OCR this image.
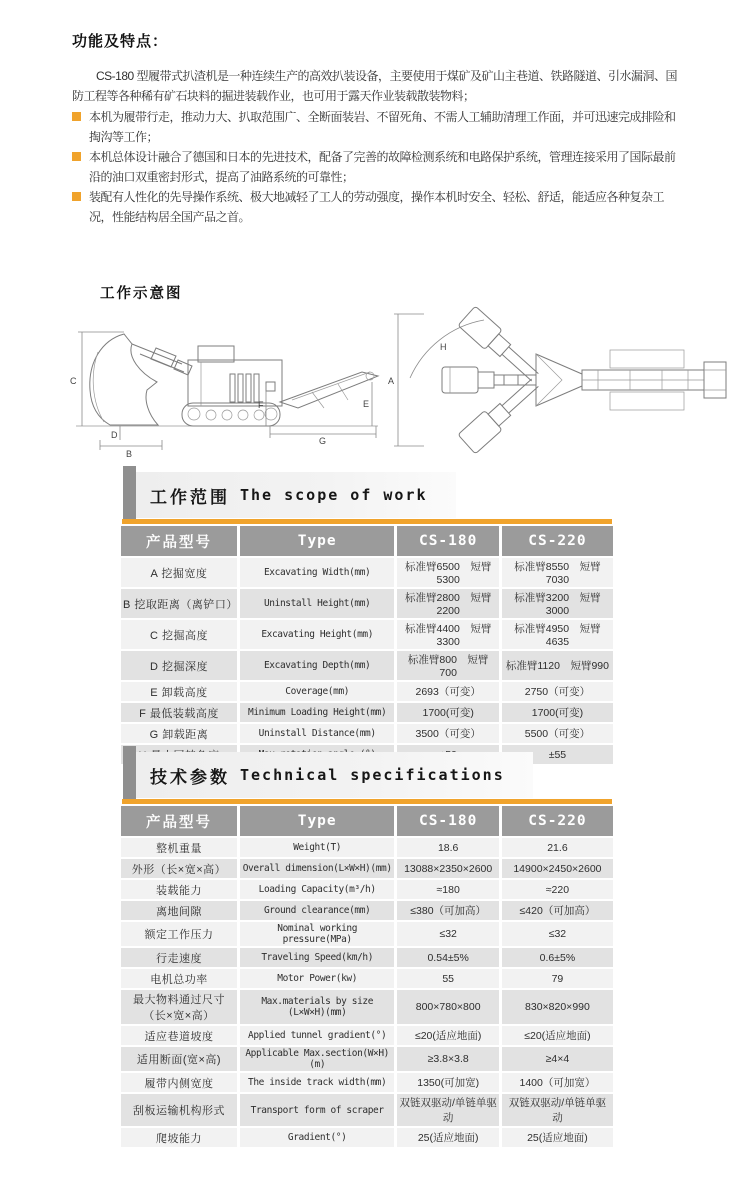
功能及特点：

CS-180 型履带式扒渣机是一种连续生产的高效扒装设备，主要使用于煤矿及矿山主巷道、铁路隧道、引水漏洞、国防工程等各种稀有矿石块料的掘进装载作业，也可用于露天作业装载散装物料；

本机为履带行走，推动力大、扒取范围广、全断面装岩、不留死角、不需人工辅助清理工作面，并可迅速完成排险和掏沟等工作；
本机总体设计融合了德国和日本的先进技术，配备了完善的故障检测系统和电路保护系统，管理连接采用了国际最前沿的油口双重密封形式，提高了油路系统的可靠性；
装配有人性化的先导操作系统、极大地减轻了工人的劳动强度，操作本机时安全、轻松、舒适，能适应各种复杂工况，性能结构居全国产品之首。
工作示意图
C
F	E
G
D
B
A
H
工作范围 The scope of work
产品型号	Type	CS-180	CS-220
A 挖掘宽度	Excavating Width(mm)	标准臂6500　短臂5300	标准臂8550　短臂7030
B 挖取距离（离铲口）	Uninstall Height(mm)	标准臂2800　短臂2200	标准臂3200　短臂3000
C 挖掘高度	Excavating Height(mm)	标准臂4400　短臂3300	标准臂4950　短臂4635
D 挖掘深度	Excavating Depth(mm)	标准臂800　短臂700	标准臂1120　短臂990
E 卸载高度	Coverage(mm)	2693（可变）	2750（可变）
F 最低装载高度	Minimum Loading Height(mm)	1700(可变)	1700(可变)
G 卸载距离	Uninstall Distance(mm)	3500（可变）	5500（可变）
			±55
技术参数 Technical specifications
产品型号	Type	CS-180	CS-220
整机重量	Weight(T)	18.6	21.6
外形（长×宽×高）	Overall dimension(L×W×H)(mm)	13088×2350×2600	14900×2450×2600
装载能力	Loading Capacity(m³/h)	≈180	≈220
离地间隙	Ground clearance(mm)	≤380（可加高）	≤420（可加高）
额定工作压力	Nominal working pressure(MPa)	≤32	≤32
行走速度	Traveling Speed(km/h)	0.54±5%	0.6±5%
电机总功率	Motor Power(kw)	55	79
最大物料通过尺寸（长×宽×高）	Max.materials by size (L×W×H)(mm)	800×780×800	830×820×990
适应巷道坡度	Applied tunnel gradient(°)	≤20(适应地面)	≤20(适应地面)
适用断面(宽×高)	Applicable Max.section(W×H)(m)	≥3.8×3.8	≥4×4
履带内侧宽度	The inside track width(mm)	1350(可加宽)	1400（可加宽）
刮板运输机构形式	Transport form of scraper	双链双驱动/单链单驱动	双链双驱动/单链单驱动
爬坡能力	Gradient(°)	25(适应地面)	25(适应地面)
